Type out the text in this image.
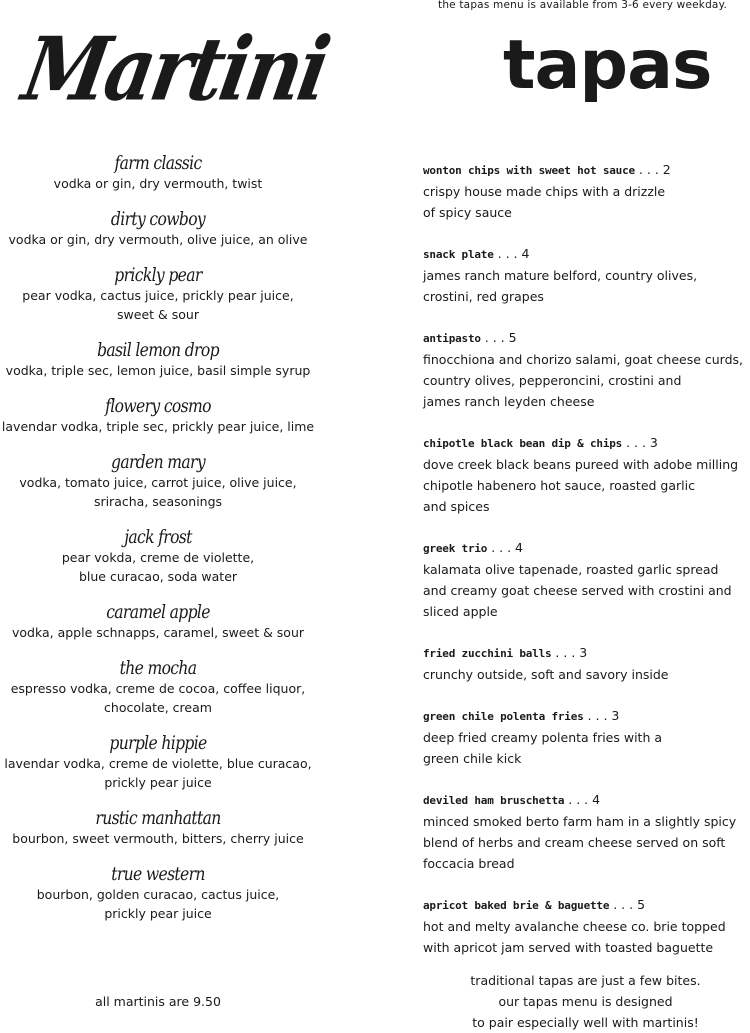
the tapas menu is available from 3-6 every weekday.
Martini tapas
farm classic
vodka or gin, dry vermouth, twist
dirty cowboy
vodka or gin, dry vermouth, olive juice, an olive
prickly pear
pear vodka, cactus juice, prickly pear juice,
sweet & sour
basil lemon drop
vodka, triple sec, lemon juice, basil simple syrup
flowery cosmo
lavendar vodka, triple sec, prickly pear juice, lime
garden mary
vodka, tomato juice, carrot juice, olive juice,
sriracha, seasonings
jack frost
pear vokda, creme de violette,
blue curacao, soda water
caramel apple
vodka, apple schnapps, caramel, sweet & sour
the mocha
espresso vodka, creme de cocoa, coffee liquor,
chocolate, cream
purple hippie
lavendar vodka, creme de violette, blue curacao,
prickly pear juice
rustic manhattan
bourbon, sweet vermouth, bitters, cherry juice
true western
bourbon, golden curacao, cactus juice,
prickly pear juice
all martinis are 9.50
wonton chips with sweet hot sauce . . . 2
crispy house made chips with a drizzle
of spicy sauce
snack plate . . . 4
james ranch mature belford, country olives,
crostini, red grapes
antipasto . . . 5
finocchiona and chorizo salami, goat cheese curds,
country olives, pepperoncini, crostini and
james ranch leyden cheese
chipotle black bean dip & chips . . . 3
dove creek black beans pureed with adobe milling
chipotle habenero hot sauce, roasted garlic
and spices
greek trio . . . 4
kalamata olive tapenade, roasted garlic spread
and creamy goat cheese served with crostini and
sliced apple
fried zucchini balls . . . 3
crunchy outside, soft and savory inside
green chile polenta fries . . . 3
deep fried creamy polenta fries with a
green chile kick
deviled ham bruschetta . . . 4
minced smoked berto farm ham in a slightly spicy
blend of herbs and cream cheese served on soft
foccacia bread
apricot baked brie & baguette . . . 5
hot and melty avalanche cheese co. brie topped
with apricot jam served with toasted baguette
traditional tapas are just a few bites.
our tapas menu is designed
to pair especially well with martinis!
